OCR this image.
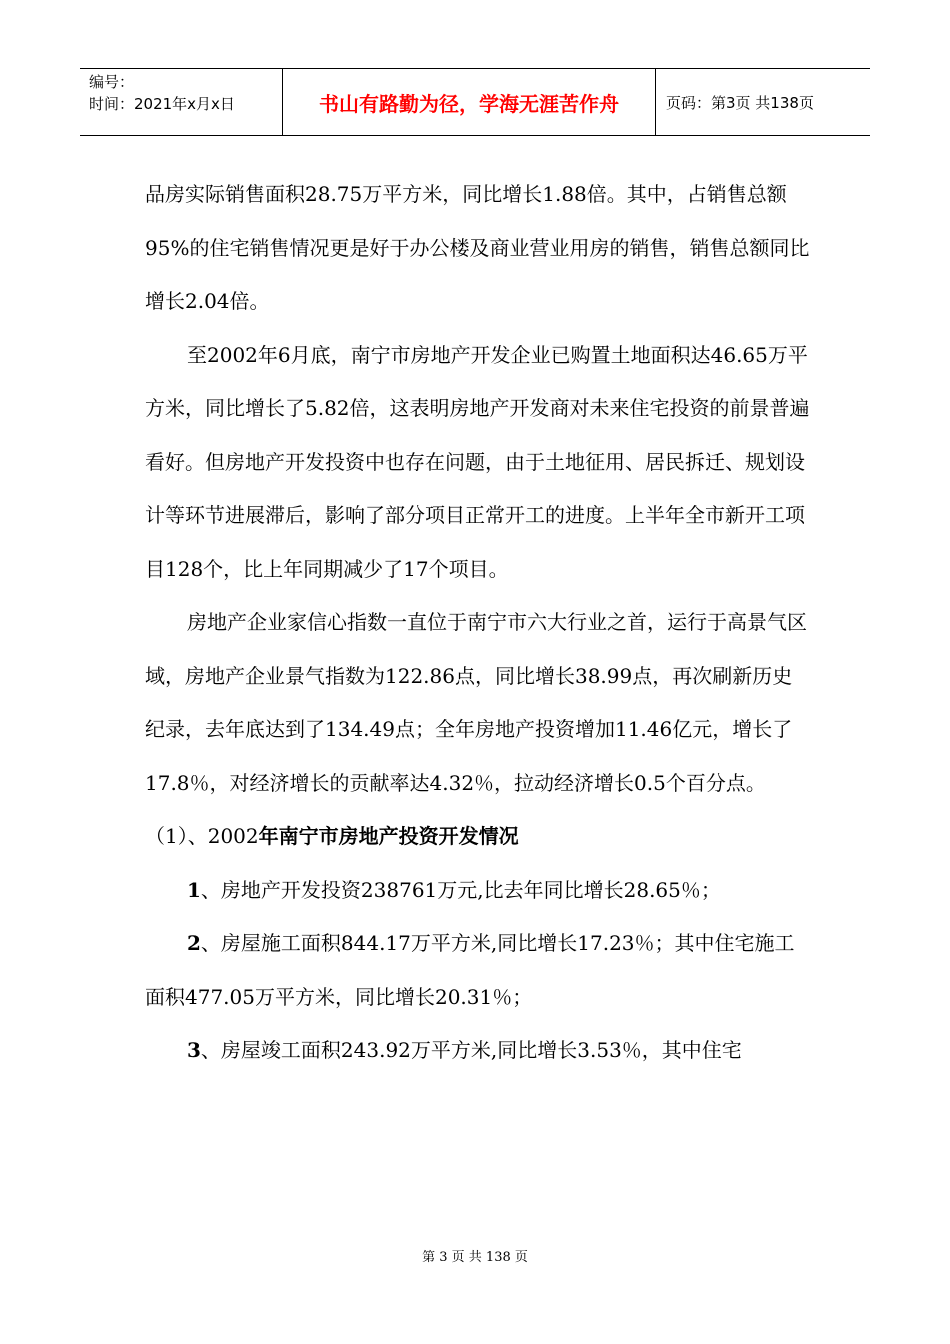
编号：
时间：2021年x月x日	书山有路勤为径，学海无涯苦作舟	页码：第3页 共138页

品房实际销售面积28.75万平方米，同比增长1.88倍。其中，占销售总额95%的住宅销售情况更是好于办公楼及商业营业用房的销售，销售总额同比增长2.04倍。

至2002年6月底，南宁市房地产开发企业已购置土地面积达46.65万平方米，同比增长了5.82倍，这表明房地产开发商对未来住宅投资的前景普遍看好。但房地产开发投资中也存在问题，由于土地征用、居民拆迁、规划设计等环节进展滞后，影响了部分项目正常开工的进度。上半年全市新开工项目128个，比上年同期减少了17个项目。

房地产企业家信心指数一直位于南宁市六大行业之首，运行于高景气区域，房地产企业景气指数为122.86点，同比增长38.99点，再次刷新历史纪录，去年底达到了134.49点；全年房地产投资增加11.46亿元，增长了17.8％，对经济增长的贡献率达4.32％，拉动经济增长0.5个百分点。

（1）、2002年南宁市房地产投资开发情况

1、房地产开发投资238761万元,比去年同比增长28.65％；

2、房屋施工面积844.17万平方米,同比增长17.23％；其中住宅施工面积477.05万平方米，同比增长20.31％；

3、房屋竣工面积243.92万平方米,同比增长3.53％，其中住宅

第 3 页 共 138 页
